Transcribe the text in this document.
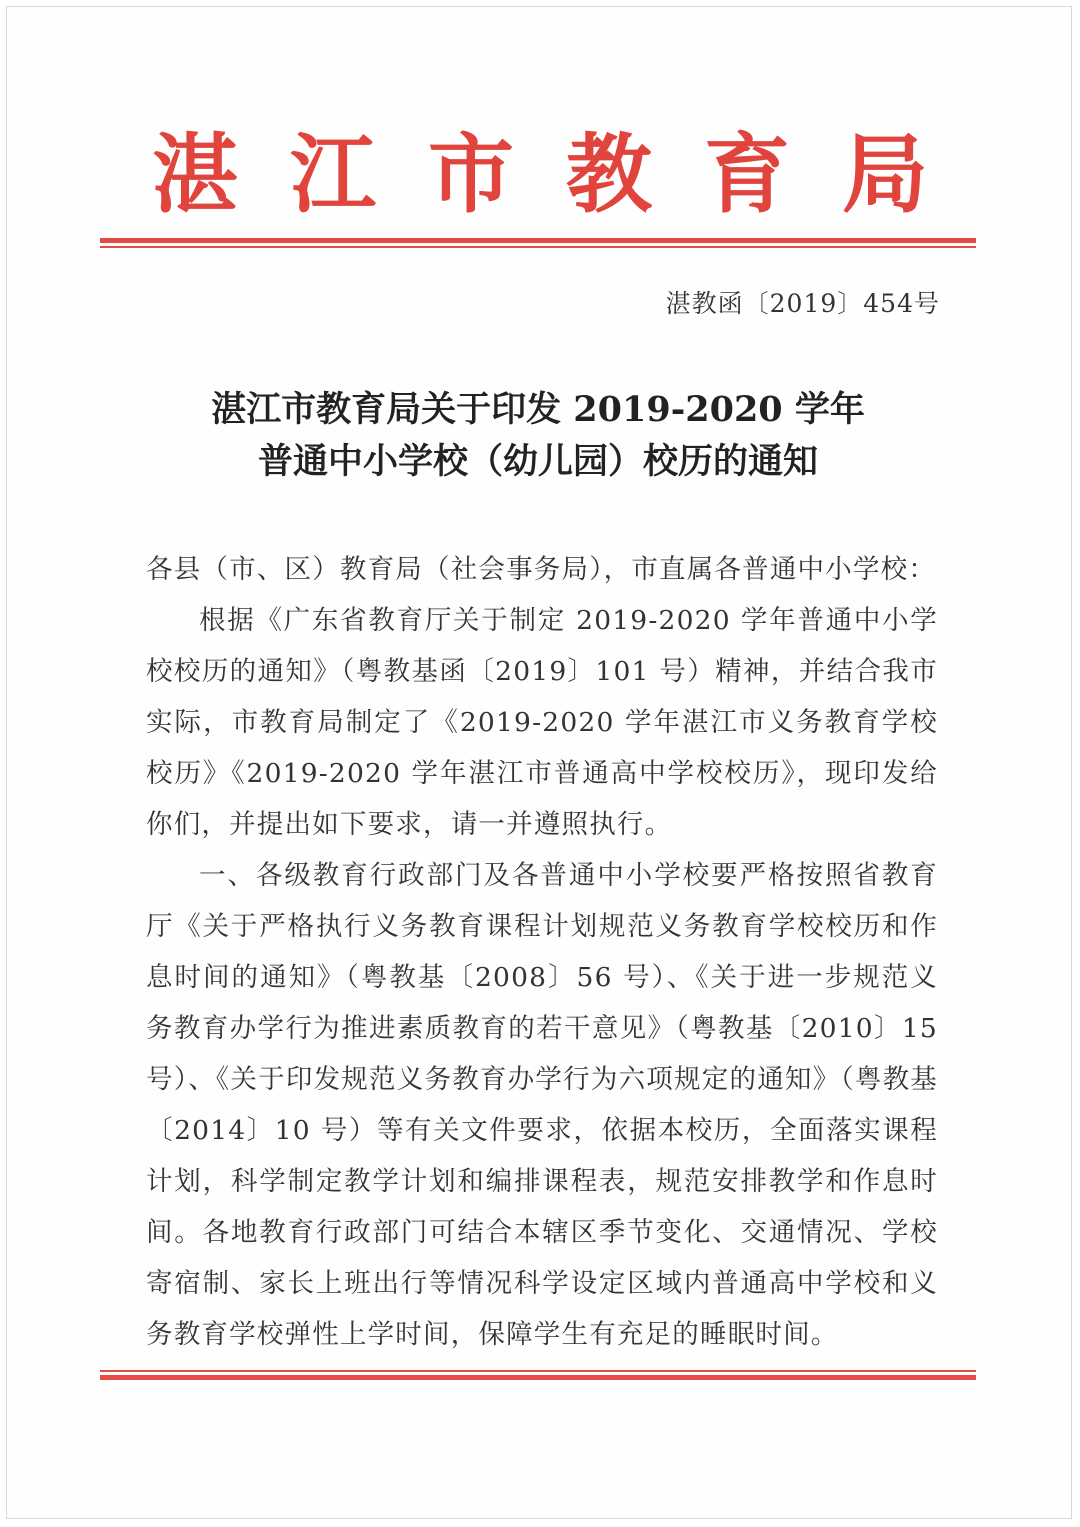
湛 江 市 教 育 局
湛教函〔2019〕454号
湛江市教育局关于印发 2019-2020 学年
普通中小学校（幼儿园）校历的通知

各县（市、区）教育局（社会事务局），市直属各普通中小学校：

根据《广东省教育厅关于制定 2019-2020 学年普通中小学校校历的通知》（粤教基函〔2019〕101 号）精神，并结合我市实际，市教育局制定了《2019-2020 学年湛江市义务教育学校校历》《2019-2020 学年湛江市普通高中学校校历》，现印发给你们，并提出如下要求，请一并遵照执行。

一、各级教育行政部门及各普通中小学校要严格按照省教育厅《关于严格执行义务教育课程计划规范义务教育学校校历和作息时间的通知》（粤教基〔2008〕56 号）、《关于进一步规范义务教育办学行为推进素质教育的若干意见》（粤教基〔2010〕15 号）、《关于印发规范义务教育办学行为六项规定的通知》（粤教基〔2014〕10 号）等有关文件要求，依据本校历，全面落实课程计划，科学制定教学计划和编排课程表，规范安排教学和作息时间。各地教育行政部门可结合本辖区季节变化、交通情况、学校寄宿制、家长上班出行等情况科学设定区域内普通高中学校和义务教育学校弹性上学时间，保障学生有充足的睡眠时间。
